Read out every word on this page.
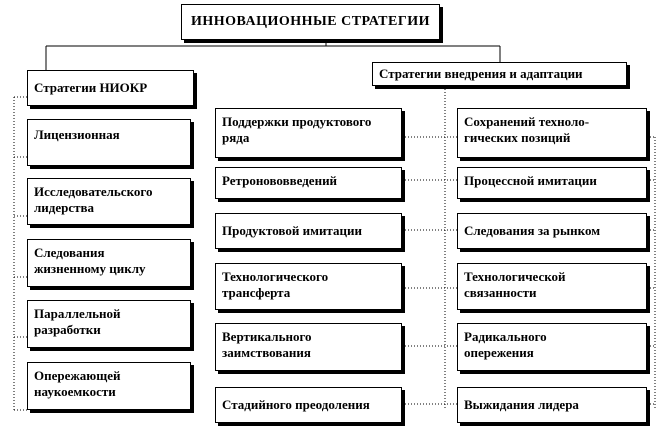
ИННОВАЦИОННЫЕ СТРАТЕГИИ
Стратегии НИОКР
Лицензионная
Исследовательского
лидерства
Следования
жизненному циклу
Параллельной
разработки
Опережающей
наукоемкости
Стратегии внедрения и адаптации
Поддержки продуктового
ряда
Ретронововведений
Продуктовой имитации
Технологического
трансферта
Вертикального
заимствования
Стадийного преодоления
Сохранений техноло-
гических позиций
Процессной имитации
Следования за рынком
Технологической
связанности
Радикального
опережения
Выжидания лидера
